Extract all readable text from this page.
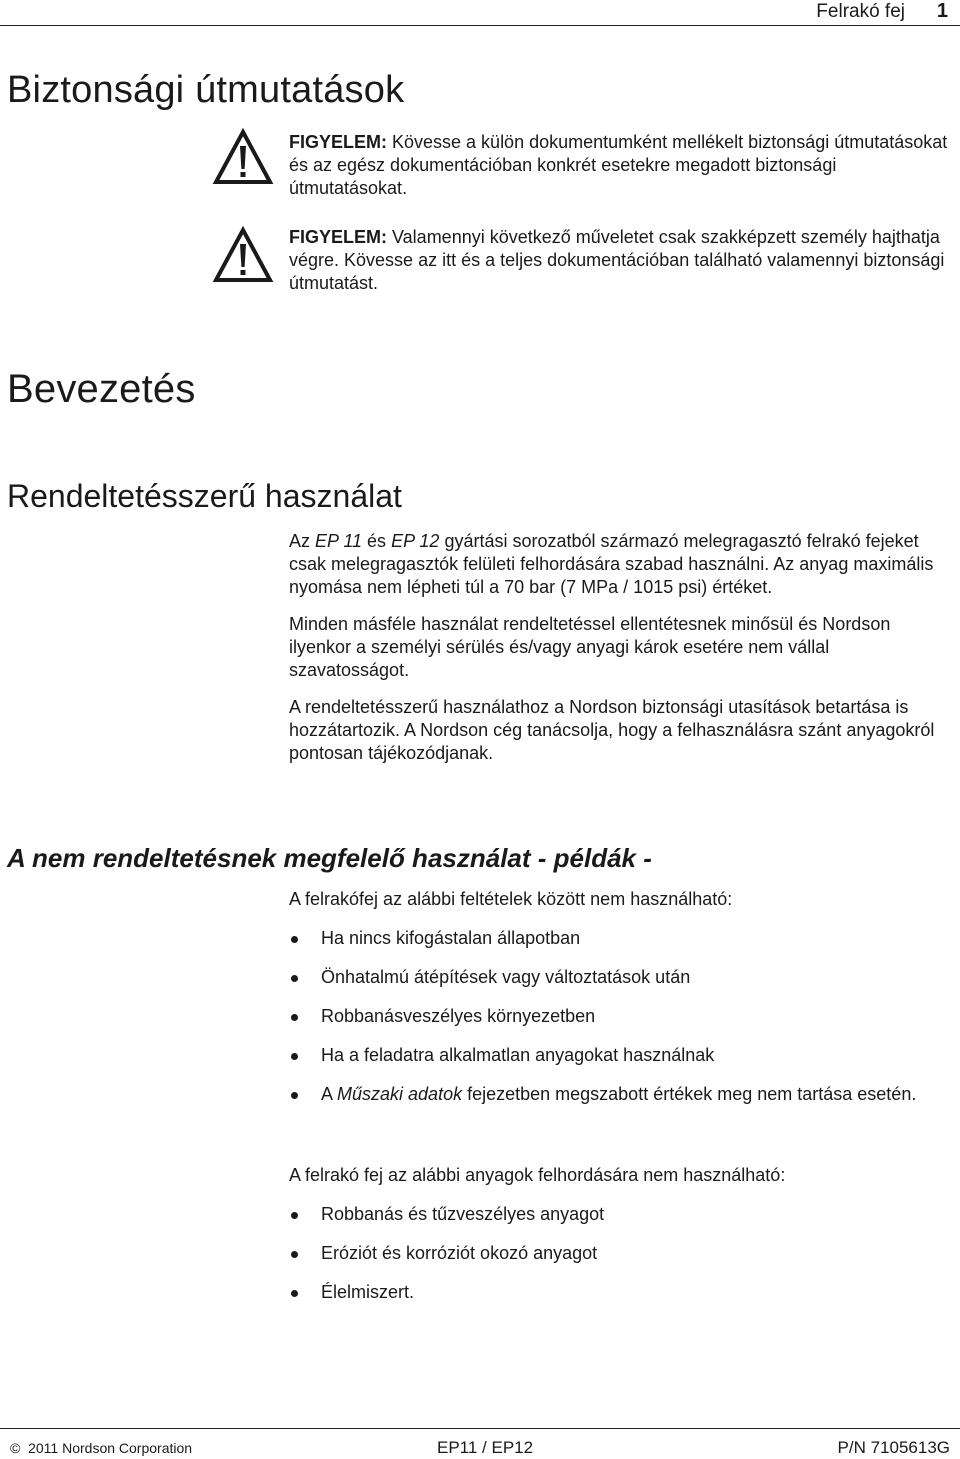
Felrakó fej 1
Biztonsági útmutatások

FIGYELEM: Kövesse a külön dokumentumként mellékelt biztonsági útmutatásokat és az egész dokumentációban konkrét esetekre megadott biztonsági útmutatásokat.

FIGYELEM: Valamennyi következő műveletet csak szakképzett személy hajthatja végre. Kövesse az itt és a teljes dokumentációban található valamennyi biztonsági útmutatást.

Bevezetés
Rendeltetésszerű használat

Az EP 11 és EP 12 gyártási sorozatból származó melegragasztó felrakó fejeket csak melegragasztók felületi felhordására szabad használni. Az anyag maximális nyomása nem lépheti túl a 70 bar (7 MPa / 1015 psi) értéket.

Minden másféle használat rendeltetéssel ellentétesnek minősül és Nordson ilyenkor a személyi sérülés és/vagy anyagi károk esetére nem vállal szavatosságot.

A rendeltetésszerű használathoz a Nordson biztonsági utasítások betartása is hozzátartozik. A Nordson cég tanácsolja, hogy a felhasználásra szánt anyagokról pontosan tájékozódjanak.

A nem rendeltetésnek megfelelő használat - példák -

A felrakófej az alábbi feltételek között nem használható:

Ha nincs kifogástalan állapotban
Önhatalmú átépítések vagy változtatások után
Robbanásveszélyes környezetben
Ha a feladatra alkalmatlan anyagokat használnak
A Műszaki adatok fejezetben megszabott értékek meg nem tartása esetén.

A felrakó fej az alábbi anyagok felhordására nem használható:

Robbanás és tűzveszélyes anyagot
Eróziót és korróziót okozó anyagot
Élelmiszert.
© 2011 Nordson Corporation	EP11 / EP12	P/N 7105613G
